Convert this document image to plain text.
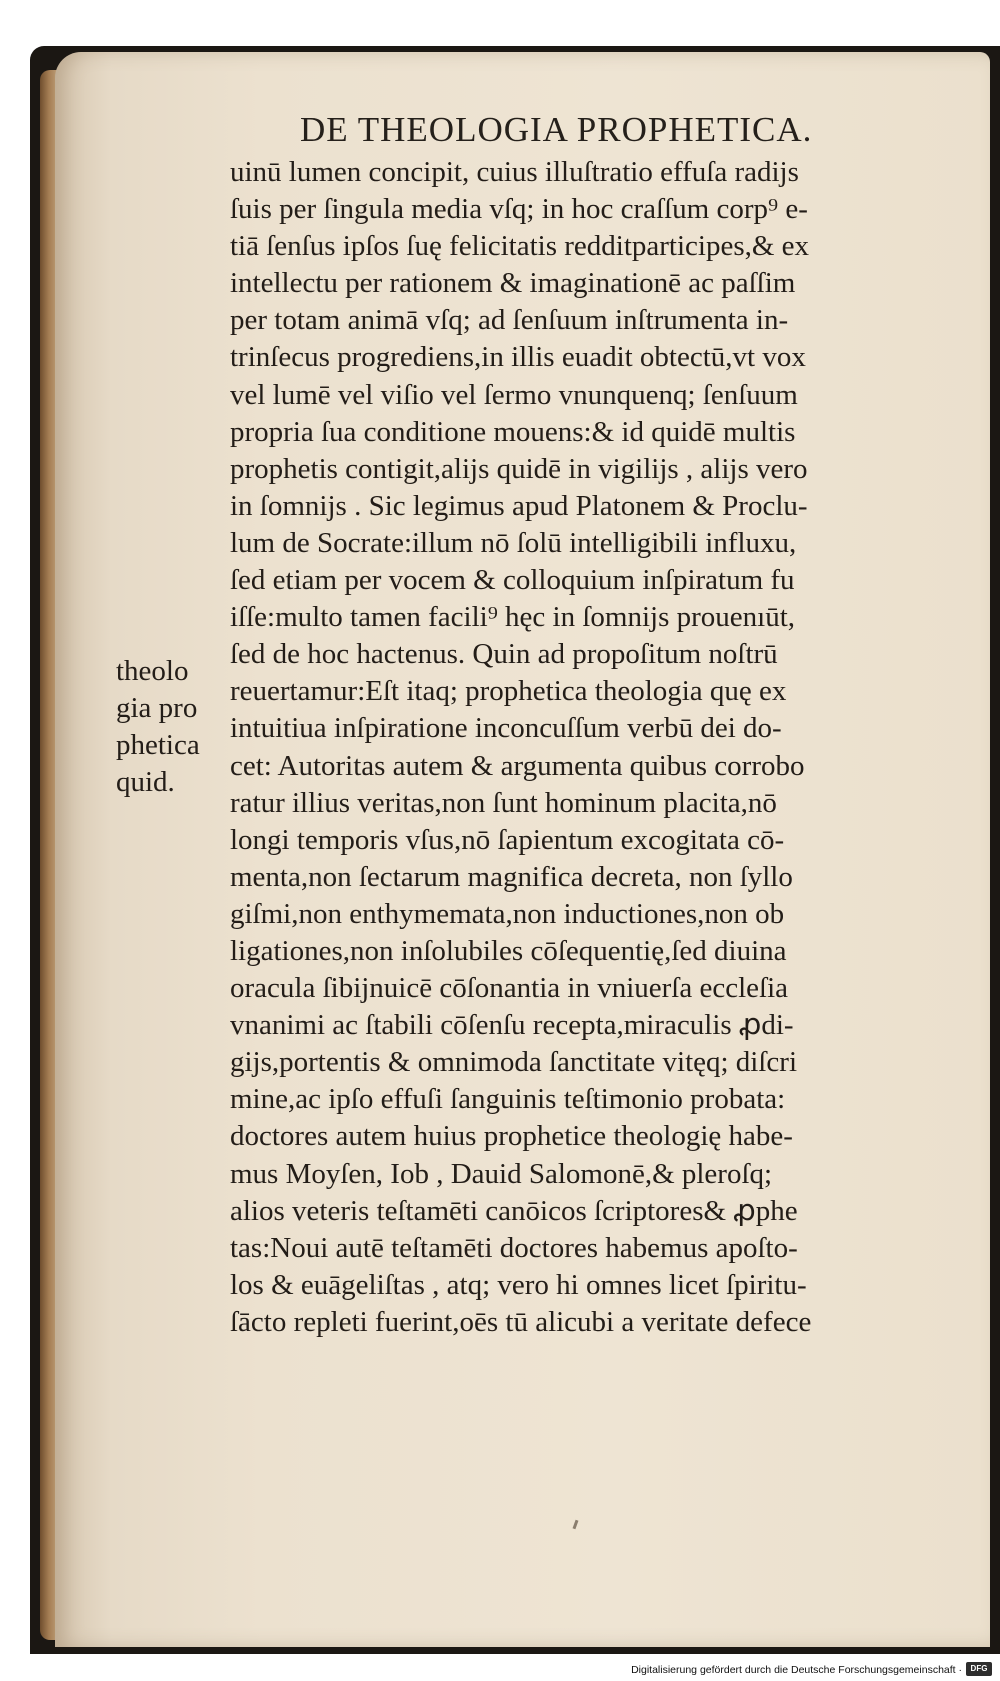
DE THEOLOGIA PROPHETICA.
uinū lumen concipit, cuius illuſtratio effuſa radijs
ſuis per ſingula media vſq; in hoc craſſum corp⁹ e-
tiā ſenſus ipſos ſuę felicitatis redditparticipes,& ex
intellectu per rationem & imaginationē ac paſſim
per totam animā vſq; ad ſenſuum inſtrumenta in-
trinſecus progrediens,in illis euadit obtectū,vt vox
vel lumē vel viſio vel ſermo vnunquenq; ſenſuum
propria ſua conditione mouens:& id quidē multis
prophetis contigit,alijs quidē in vigilijs , alijs vero
in ſomnijs . Sic legimus apud Platonem & Proclu-
lum de Socrate:illum nō ſolū intelligibili influxu,
ſed etiam per vocem & colloquium inſpiratum fu
iſſe:multo tamen facili⁹ hęc in ſomnijs prouenıūt,
ſed de hoc hactenus. Quin ad propoſitum noſtrū
reuertamur:Eſt itaq; prophetica theologia quę ex
intuitiua inſpiratione inconcuſſum verbū dei do-
cet: Autoritas autem & argumenta quibus corrobo
ratur illius veritas,non ſunt hominum placita,nō
longi temporis vſus,nō ſapientum excogitata cō-
menta,non ſectarum magnifica decreta, non ſyllo
giſmi,non enthymemata,non inductiones,non ob
ligationes,non inſolubiles cōſequentię,ſed diuina
oracula ſibijnuicē cōſonantia in vniuerſa eccleſia
vnanimi ac ſtabili cōſenſu recepta,miraculis ꝓdi-
gijs,portentis & omnimoda ſanctitate vitęq; diſcri
mine,ac ipſo effuſi ſanguinis teſtimonio probata:
doctores autem huius prophetice theologię habe-
mus Moyſen, Iob , Dauid Salomonē,& pleroſq;
alios veteris teſtamēti canōicos ſcriptores& ꝓphe
tas:Noui autē teſtamēti doctores habemus apoſto-
los & euāgeliſtas , atq; vero hi omnes licet ſpiritu-
ſācto repleti fuerint,oēs tū alicubi a veritate defece
theolo
gia pro
phetica
quid.
Digitalisierung gefördert durch die Deutsche Forschungsgemeinschaft ·	DFG
